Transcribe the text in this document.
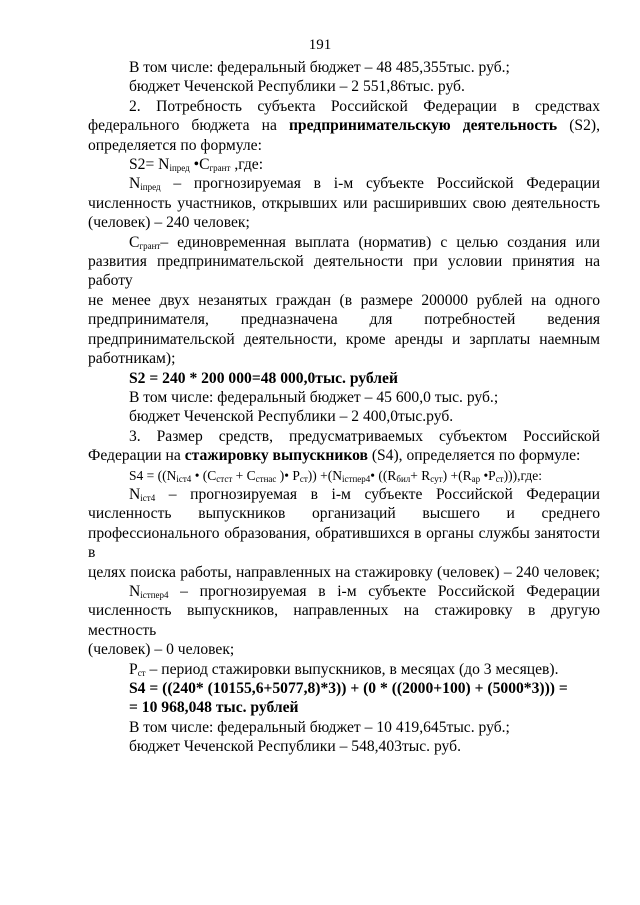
191
В том числе: федеральный бюджет – 48 485,355тыс. руб.;
бюджет Чеченской Республики – 2 551,86тыс. руб.
2. Потребность субъекта Российской Федерации в средствах
федерального бюджета на предпринимательскую деятельность (S2),
определяется по формуле:
$S2= N_{iпред}$ $•С_{грант}$ ,где:
$N_{iпред}$ – прогнозируемая в i-м субъекте Российской Федерации
численность участников, открывших или расширивших свою деятельность
(человек) – 240 человек;
$С_{грант}-$ единовременная выплата (норматив) с целью создания или
развития предпринимательской деятельности при условии принятия на работу
не менее двух незанятых граждан (в размере 200000 рублей на одного
предпринимателя, предназначена для потребностей ведения
предпринимательской деятельности, кроме аренды и зарплаты наемным
работникам);
S2 = 240 * 200 000=48 000,0тыс. рублей
В том числе: федеральный бюджет – 45 600,0 тыс. руб.;
бюджет Чеченской Республики – 2 400,0тыс.руб.
3. Размер средств, предусматриваемых субъектом Российской
Федерации на стажировку выпускников (S4), определяется по формуле:
$S4 = ((N_{iст4}$ • ($С_{стст} + С_{стнас}$ )• $Р_{ст}$)) $+(N_{iстпер4}•$ ($(R_{бил}+ R_{сут}) +(R_{ар}$ $•Р_{ст}))),где$:
$N_{iст4}$ – прогнозируемая в i-м субъекте Российской Федерации
численность выпускников организаций высшего и среднего
профессионального образования, обратившихся в органы службы занятости в
целях поиска работы, направленных на стажировку (человек) – 240 человек;
$N_{iстпер4}$ – прогнозируемая в i-м субъекте Российской Федерации
численность выпускников, направленных на стажировку в другую местность
(человек) – 0 человек;
$Р_{ст}$ – период стажировки выпускников, в месяцах (до 3 месяцев).
S4 = ((240* (10155,6+5077,8)*3)) + (0 * ((2000+100) + (5000*3))) =
= 10 968,048 тыс. рублей
В том числе: федеральный бюджет – 10 419,645тыс. руб.;
бюджет Чеченской Республики – 548,403тыс. руб.
